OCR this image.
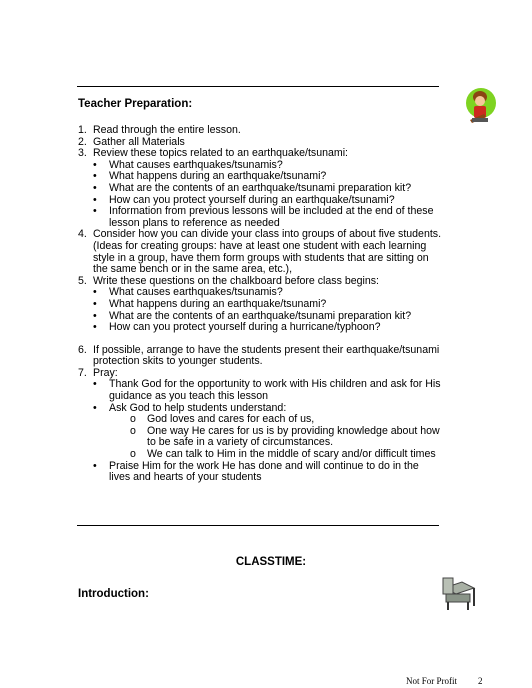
Teacher Preparation:
1. Read through the entire lesson.
2. Gather all Materials
3. Review these topics related to an earthquake/tsunami:
• What causes earthquakes/tsunamis?
• What happens during an earthquake/tsunami?
• What are the contents of an earthquake/tsunami preparation kit?
• How can you protect yourself during an earthquake/tsunami?
• Information from previous lessons will be included at the end of these
lesson plans to reference as needed
4. Consider how you can divide your class into groups of about five students.
(Ideas for creating groups: have at least one student with each learning
style in a group, have them form groups with students that are sitting on
the same bench or in the same area, etc.),
5. Write these questions on the chalkboard before class begins:
• What causes earthquakes/tsunamis?
• What happens during an earthquake/tsunami?
• What are the contents of an earthquake/tsunami preparation kit?
• How can you protect yourself during a hurricane/typhoon?
6. If possible, arrange to have the students present their earthquake/tsunami
protection skits to younger students.
7. Pray:
• Thank God for the opportunity to work with His children and ask for His
guidance as you teach this lesson
• Ask God to help students understand:
o God loves and cares for each of us,
o One way He cares for us is by providing knowledge about how
to be safe in a variety of circumstances.
o We can talk to Him in the middle of scary and/or difficult times
• Praise Him for the work He has done and will continue to do in the
lives and hearts of your students
CLASSTIME:
Introduction:
Not For Profit 2
